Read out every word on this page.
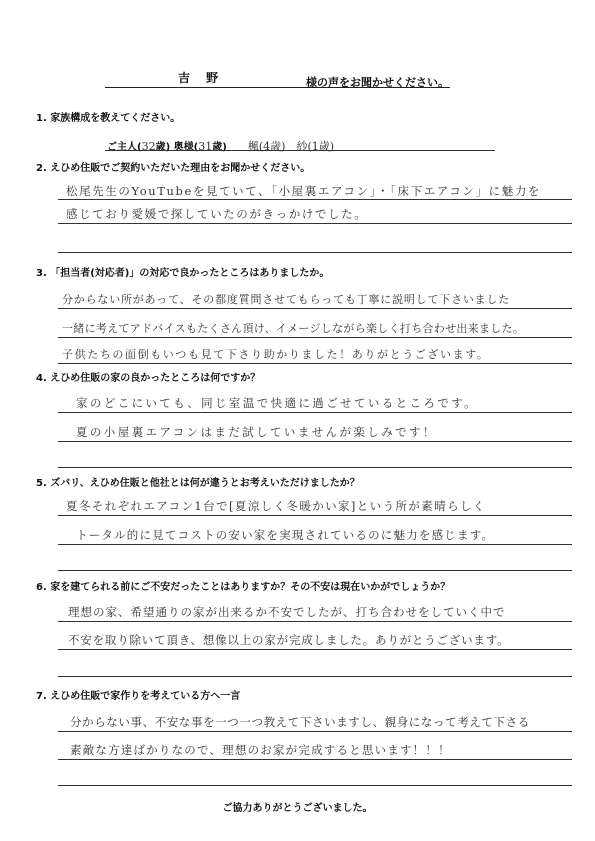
吉 野	様の声をお聞かせください。
1. 家族構成を教えてください。
ご主人(32歳) 奥様(31歳) 楓(4歳)　紗(1歳)
2. えひめ住販でご契約いただいた理由をお聞かせください。
松尾先生のYouTubeを見ていて、「小屋裏エアコン」・「床下エアコン」に魅力を
感じており愛媛で探していたのがきっかけでした。
3. 「担当者(対応者)」の対応で良かったところはありましたか。
分からない所があって、その都度質問させてもらっても丁寧に説明して下さいました
一緒に考えてアドバイスもたくさん頂け、イメージしながら楽しく打ち合わせ出来ました。
子供たちの面倒もいつも見て下さり助かりました！ありがとうございます。
4. えひめ住販の家の良かったところは何ですか？
家のどこにいても、同じ室温で快適に過ごせているところです。
夏の小屋裏エアコンはまだ試していませんが楽しみです！
5. ズバリ、えひめ住販と他社とは何が違うとお考えいただけましたか？
夏冬それぞれエアコン1台で[夏涼しく冬暖かい家]という所が素晴らしく
トータル的に見てコストの安い家を実現されているのに魅力を感じます。
6. 家を建てられる前にご不安だったことはありますか？その不安は現在いかがでしょうか？
理想の家、希望通りの家が出来るか不安でしたが、打ち合わせをしていく中で
不安を取り除いて頂き、想像以上の家が完成しました。ありがとうございます。
7. えひめ住販で家作りを考えている方へ一言
分からない事、不安な事を一つ一つ教えて下さいますし、親身になって考えて下さる
素敵な方達ばかりなので、理想のお家が完成すると思います！！！
ご協力ありがとうございました。
